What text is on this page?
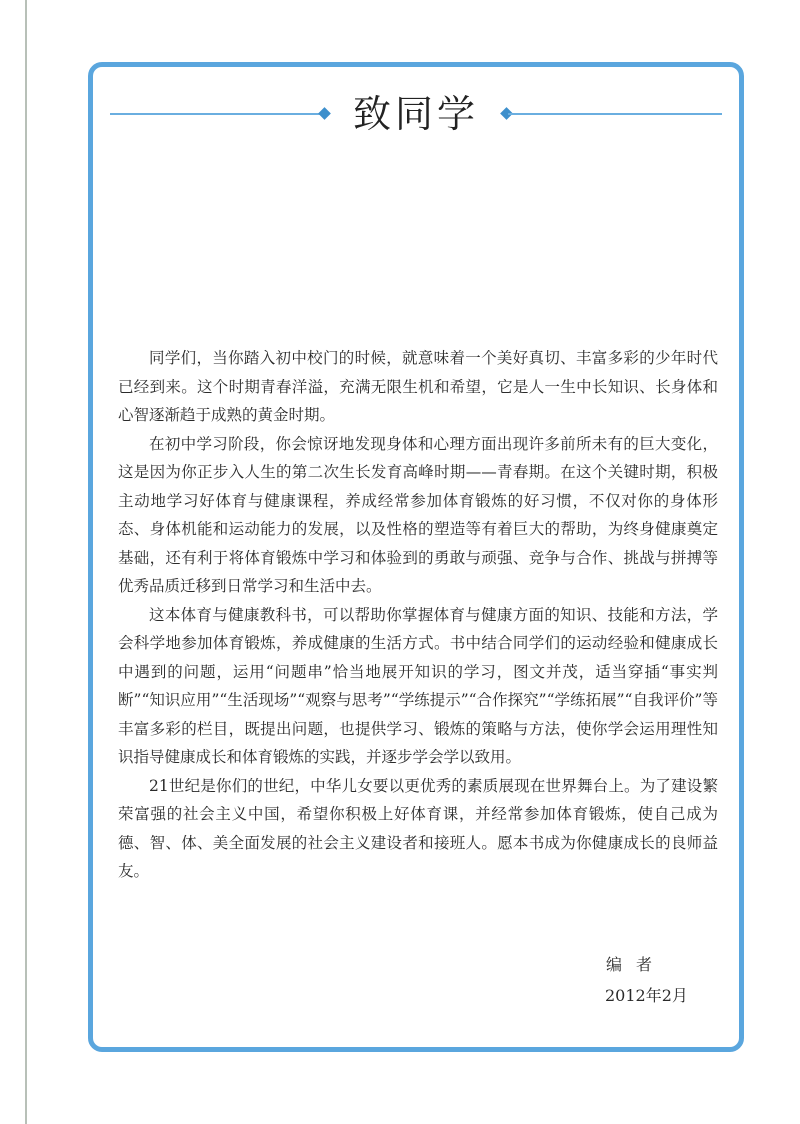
致同学

同学们，当你踏入初中校门的时候，就意味着一个美好真切、丰富多彩的少年时代已经到来。这个时期青春洋溢，充满无限生机和希望，它是人一生中长知识、长身体和心智逐渐趋于成熟的黄金时期。

在初中学习阶段，你会惊讶地发现身体和心理方面出现许多前所未有的巨大变化，这是因为你正步入人生的第二次生长发育高峰时期——青春期。在这个关键时期，积极主动地学习好体育与健康课程，养成经常参加体育锻炼的好习惯，不仅对你的身体形态、身体机能和运动能力的发展，以及性格的塑造等有着巨大的帮助，为终身健康奠定基础，还有利于将体育锻炼中学习和体验到的勇敢与顽强、竞争与合作、挑战与拼搏等优秀品质迁移到日常学习和生活中去。

这本体育与健康教科书，可以帮助你掌握体育与健康方面的知识、技能和方法，学会科学地参加体育锻炼，养成健康的生活方式。书中结合同学们的运动经验和健康成长中遇到的问题，运用“问题串”恰当地展开知识的学习，图文并茂，适当穿插“事实判断”“知识应用”“生活现场”“观察与思考”“学练提示”“合作探究”“学练拓展”“自我评价”等丰富多彩的栏目，既提出问题，也提供学习、锻炼的策略与方法，使你学会运用理性知识指导健康成长和体育锻炼的实践，并逐步学会学以致用。

21世纪是你们的世纪，中华儿女要以更优秀的素质展现在世界舞台上。为了建设繁荣富强的社会主义中国，希望你积极上好体育课，并经常参加体育锻炼，使自己成为德、智、体、美全面发展的社会主义建设者和接班人。愿本书成为你健康成长的良师益友。

编者
2012年2月
